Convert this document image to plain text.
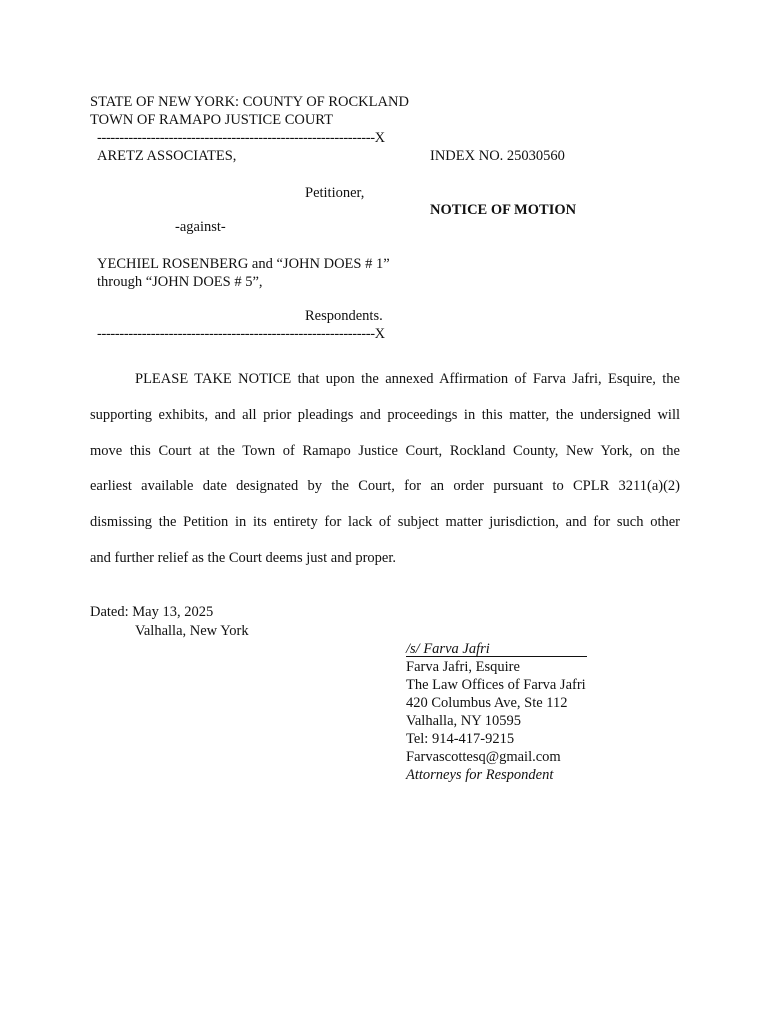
STATE OF NEW YORK: COUNTY OF ROCKLAND
TOWN OF RAMAPO JUSTICE COURT
--------------------------------------------------------------X
ARETZ ASSOCIATES,	INDEX NO. 25030560
Petitioner,
NOTICE OF MOTION
-against-
YECHIEL ROSENBERG and “JOHN DOES # 1”
through “JOHN DOES # 5”,
Respondents.
--------------------------------------------------------------X
PLEASE TAKE NOTICE that upon the annexed Affirmation of Farva Jafri, Esquire, the
supporting exhibits, and all prior pleadings and proceedings in this matter, the undersigned will
move this Court at the Town of Ramapo Justice Court, Rockland County, New York, on the
earliest available date designated by the Court, for an order pursuant to CPLR 3211(a)(2)
dismissing the Petition in its entirety for lack of subject matter jurisdiction, and for such other
and further relief as the Court deems just and proper.
Dated: May 13, 2025
Valhalla, New York
/s/ Farva Jafri
Farva Jafri, Esquire
The Law Offices of Farva Jafri
420 Columbus Ave, Ste 112
Valhalla, NY 10595
Tel: 914-417-9215
Farvascottesq@gmail.com
Attorneys for Respondent
